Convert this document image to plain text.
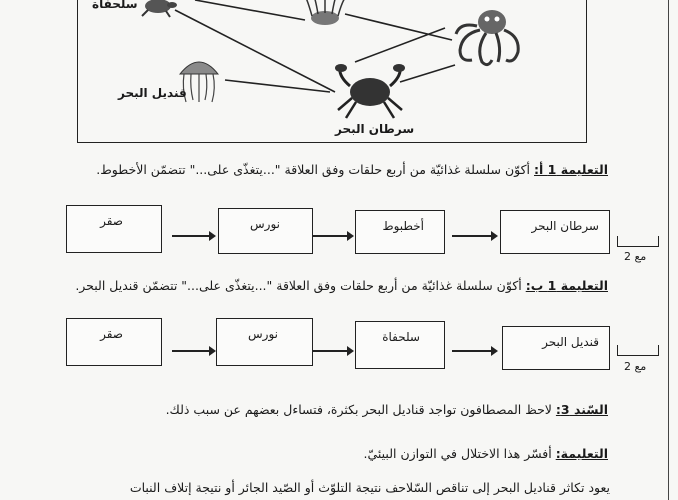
سلحفاة
قنديل البحر
سرطان البحر
التعليمة 1 أ: أكوّن سلسلة غذائيّة من أربع حلقات وفق العلاقة "...يتغذّى على..." تتضمّن الأخطوط.
سرطان البحر
أخطبوط
نورس
صقر
مع 2
التعليمة 1 ب: أكوّن سلسلة غذائيّة من أربع حلقات وفق العلاقة "...يتغذّى على..." تتضمّن قنديل البحر.
قنديل البحر
سلحفاة
نورس
صقر
مع 2
السّند 3: لاحظ المصطافون تواجد قناديل البحر بكثرة، فتساءل بعضهم عن سبب ذلك.
التعليمة: أفسّر هذا الاختلال في التوازن البيئيّ.
يعود تكاثر قناديل البحر إلى تناقص السّلاحف نتيجة التلوّث أو الصّيد الجائر أو نتيجة إتلاف النبات
